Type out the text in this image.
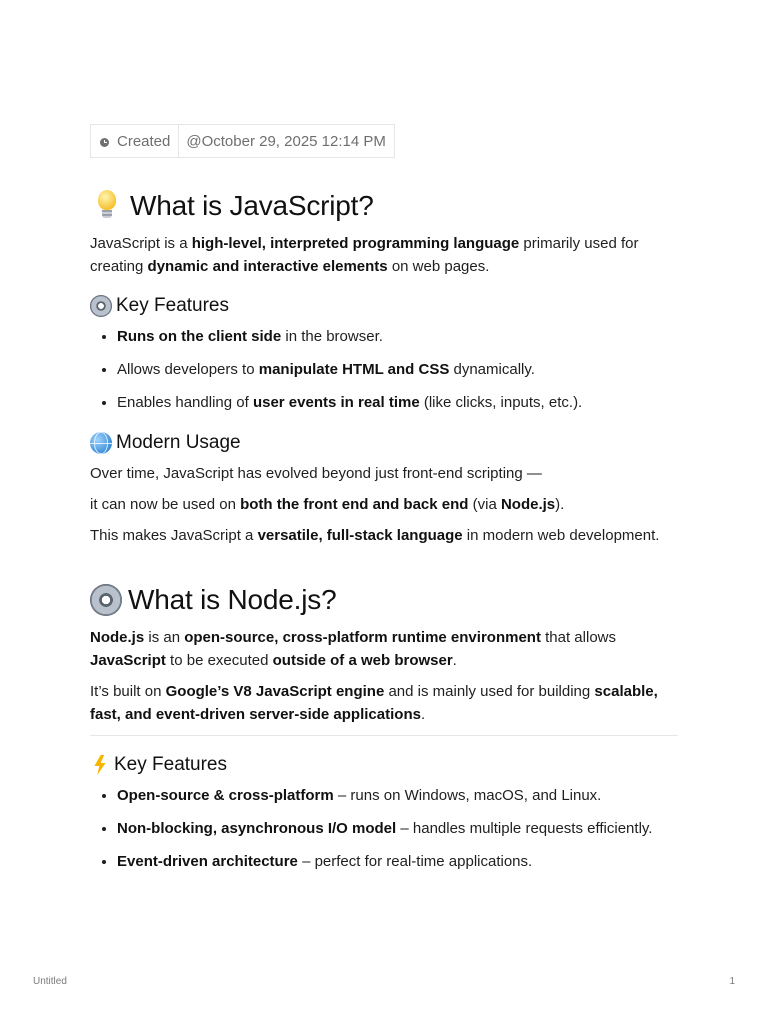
Created	@October 29, 2025 12:14 PM
What is JavaScript?

JavaScript is a high-level, interpreted programming language primarily used for creating dynamic and interactive elements on web pages.

Key Features
• Runs on the client side in the browser.
• Allows developers to manipulate HTML and CSS dynamically.
• Enables handling of user events in real time (like clicks, inputs, etc.).
Modern Usage

Over time, JavaScript has evolved beyond just front-end scripting —

it can now be used on both the front end and back end (via Node.js).

This makes JavaScript a versatile, full-stack language in modern web development.

What is Node.js?

Node.js is an open-source, cross-platform runtime environment that allows JavaScript to be executed outside of a web browser.

It’s built on Google’s V8 JavaScript engine and is mainly used for building scalable, fast, and event-driven server-side applications.

Key Features
• Open-source & cross-platform – runs on Windows, macOS, and Linux.
• Non-blocking, asynchronous I/O model – handles multiple requests efficiently.
• Event-driven architecture – perfect for real-time applications.
Untitled	1
